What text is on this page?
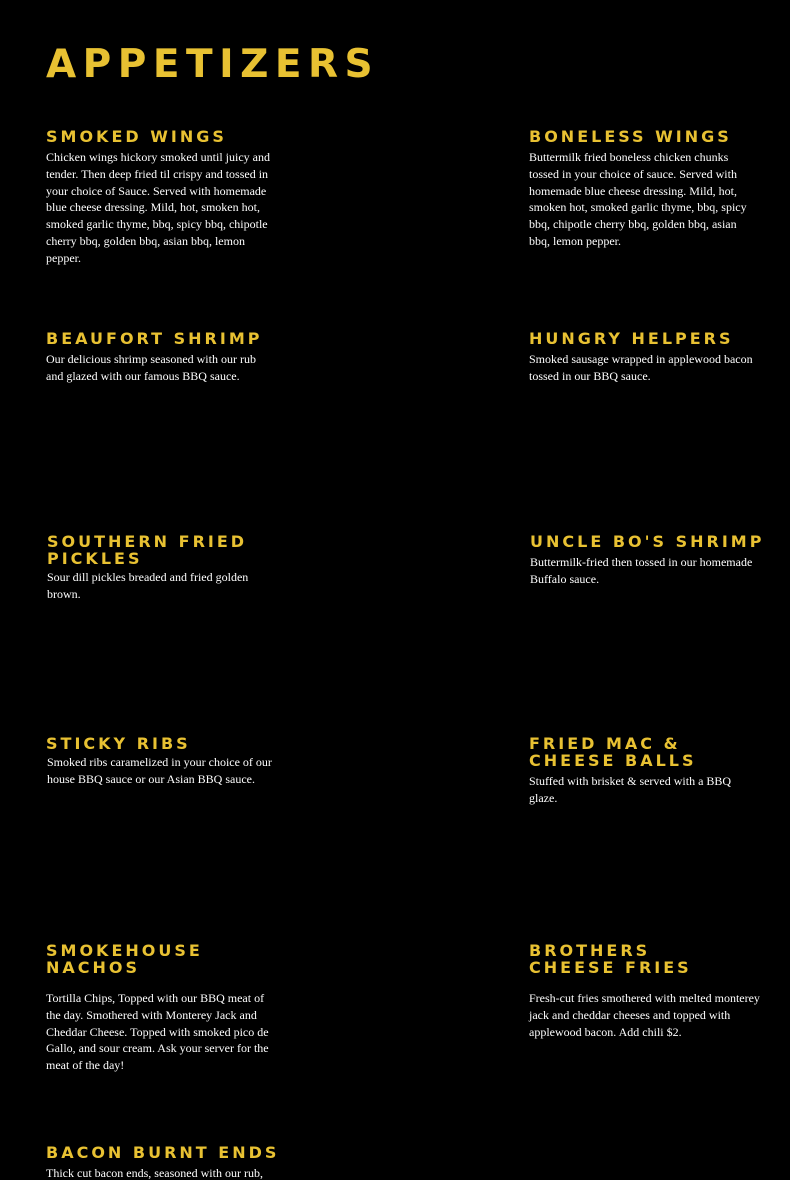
APPETIZERS
SMOKED WINGS

Chicken wings hickory smoked until juicy and tender. Then deep fried til crispy and tossed in your choice of Sauce. Served with homemade blue cheese dressing. Mild, hot, smoken hot, smoked garlic thyme, bbq, spicy bbq, chipotle cherry bbq, golden bbq, asian bbq, lemon pepper.

BONELESS WINGS

Buttermilk fried boneless chicken chunks tossed in your choice of sauce. Served with homemade blue cheese dressing. Mild, hot, smoken hot, smoked garlic thyme, bbq, spicy bbq, chipotle cherry bbq, golden bbq, asian bbq, lemon pepper.

BEAUFORT SHRIMP

Our delicious shrimp seasoned with our rub and glazed with our famous BBQ sauce.

HUNGRY HELPERS

Smoked sausage wrapped in applewood bacon tossed in our BBQ sauce.

SOUTHERN FRIED PICKLES

Sour dill pickles breaded and fried golden brown.

UNCLE BO'S SHRIMP

Buttermilk-fried then tossed in our homemade Buffalo sauce.

STICKY RIBS

Smoked ribs caramelized in your choice of our house BBQ sauce or our Asian BBQ sauce.

FRIED MAC & CHEESE BALLS

Stuffed with brisket & served with a BBQ glaze.

SMOKEHOUSE NACHOS

Tortilla Chips, Topped with our BBQ meat of the day. Smothered with Monterey Jack and Cheddar Cheese. Topped with smoked pico de Gallo, and sour cream. Ask your server for the meat of the day!

BROTHERS CHEESE FRIES

Fresh-cut fries smothered with melted monterey jack and cheddar cheeses and topped with applewood bacon. Add chili $2.

BACON BURNT ENDS

Thick cut bacon ends, seasoned with our rub,
